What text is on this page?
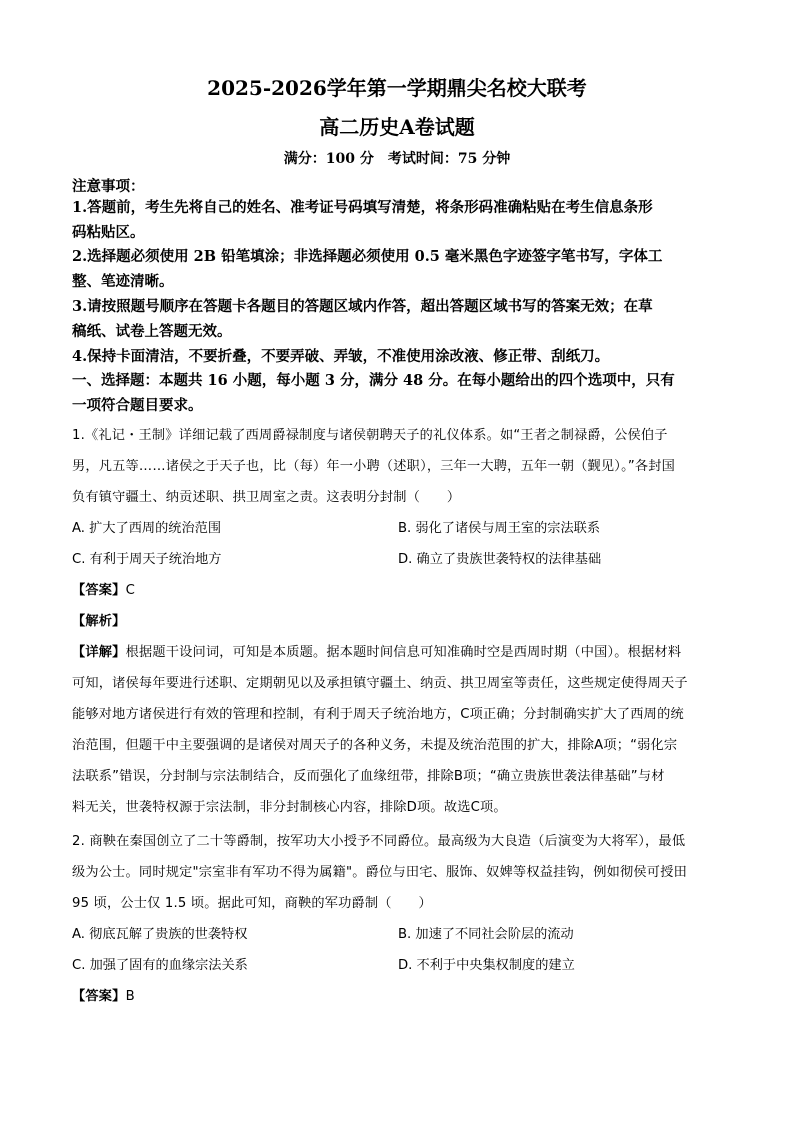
2025-2026学年第一学期鼎尖名校大联考
高二历史A卷试题
满分：100 分　考试时间：75 分钟
注意事项：
1.答题前，考生先将自己的姓名、准考证号码填写清楚，将条形码准确粘贴在考生信息条形
码粘贴区。
2.选择题必须使用 2B 铅笔填涂；非选择题必须使用 0.5 毫米黑色字迹签字笔书写，字体工
整、笔迹清晰。
3.请按照题号顺序在答题卡各题目的答题区域内作答，超出答题区域书写的答案无效；在草
稿纸、试卷上答题无效。
4.保持卡面清洁，不要折叠，不要弄破、弄皱，不准使用涂改液、修正带、刮纸刀。
一、选择题：本题共 16 小题，每小题 3 分，满分 48 分。在每小题给出的四个选项中，只有
一项符合题目要求。
1.《礼记・王制》详细记载了西周爵禄制度与诸侯朝聘天子的礼仪体系。如“王者之制禄爵，公侯伯子
男，凡五等……诸侯之于天子也，比（每）年一小聘（述职），三年一大聘，五年一朝（觐见）。”各封国
负有镇守疆土、纳贡述职、拱卫周室之责。这表明分封制（　　）
A. 扩大了西周的统治范围	B. 弱化了诸侯与周王室的宗法联系
C. 有利于周天子统治地方	D. 确立了贵族世袭特权的法律基础
【答案】C
【解析】
【详解】根据题干设问词，可知是本质题。据本题时间信息可知准确时空是西周时期（中国）。根据材料
可知，诸侯每年要进行述职、定期朝见以及承担镇守疆土、纳贡、拱卫周室等责任，这些规定使得周天子
能够对地方诸侯进行有效的管理和控制，有利于周天子统治地方，C项正确；分封制确实扩大了西周的统
治范围，但题干中主要强调的是诸侯对周天子的各种义务，未提及统治范围的扩大，排除A项；“弱化宗
法联系”错误，分封制与宗法制结合，反而强化了血缘纽带，排除B项；“确立贵族世袭法律基础”与材
料无关，世袭特权源于宗法制，非分封制核心内容，排除D项。故选C项。
2. 商鞅在秦国创立了二十等爵制，按军功大小授予不同爵位。最高级为大良造（后演变为大将军），最低
级为公士。同时规定"宗室非有军功不得为属籍"。爵位与田宅、服饰、奴婢等权益挂钩，例如彻侯可授田
95 顷，公士仅 1.5 顷。据此可知，商鞅的军功爵制（　　）
A. 彻底瓦解了贵族的世袭特权	B. 加速了不同社会阶层的流动
C. 加强了固有的血缘宗法关系	D. 不利于中央集权制度的建立
【答案】B
